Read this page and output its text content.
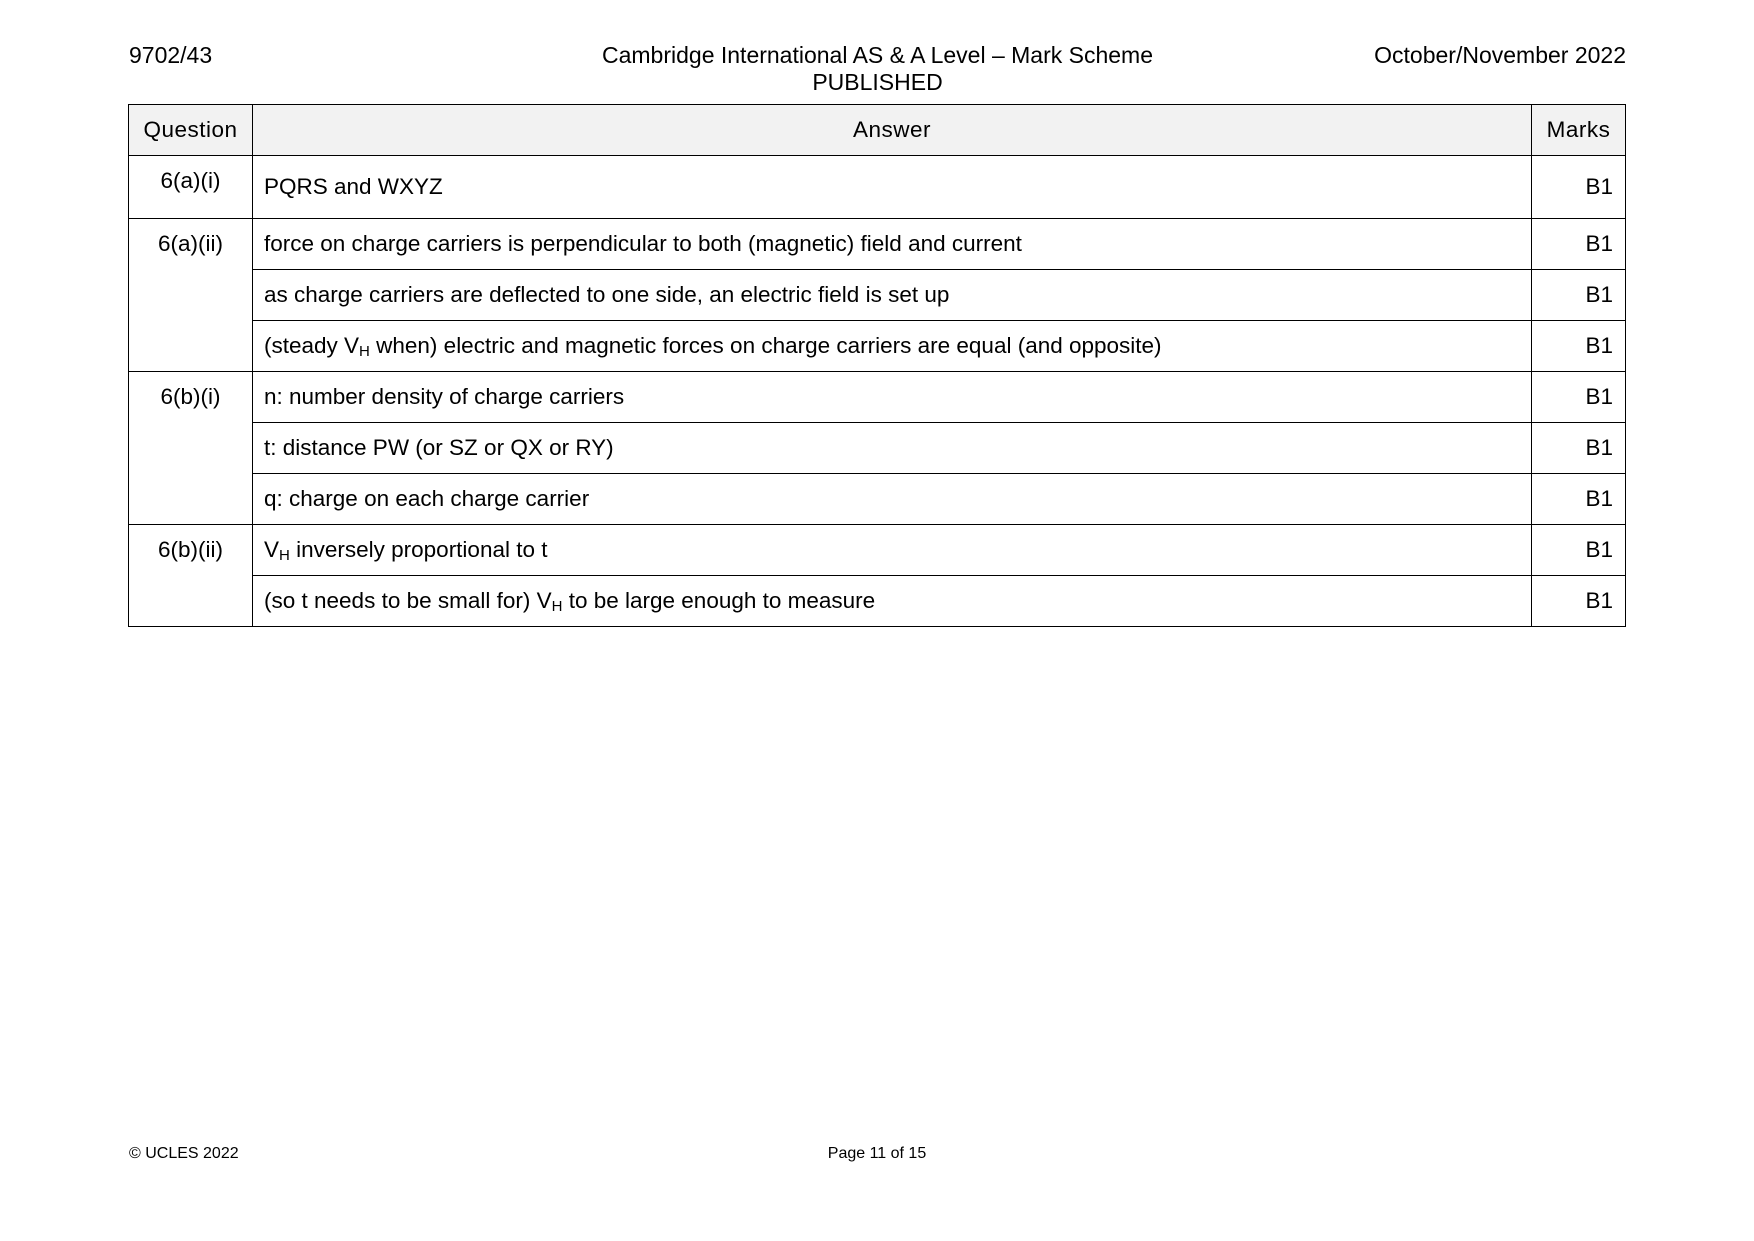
9702/43	Cambridge International AS & A Level – Mark Scheme
PUBLISHED
October/November 2022
Question	Answer	Marks
6(a)(i)	PQRS and WXYZ	B1
6(a)(ii)	force on charge carriers is perpendicular to both (magnetic) field and current	B1
	as charge carriers are deflected to one side, an electric field is set up	B1
	(steady $V_H$ when) electric and magnetic forces on charge carriers are equal (and opposite)	B1
6(b)(i)	n: number density of charge carriers	B1
	t: distance PW (or SZ or QX or RY)	B1
	q: charge on each charge carrier	B1
6(b)(ii)	$V_H$ inversely proportional to t	B1
	(so t needs to be small for) $V_H$ to be large enough to measure	B1
© UCLES 2022	Page 11 of 15
